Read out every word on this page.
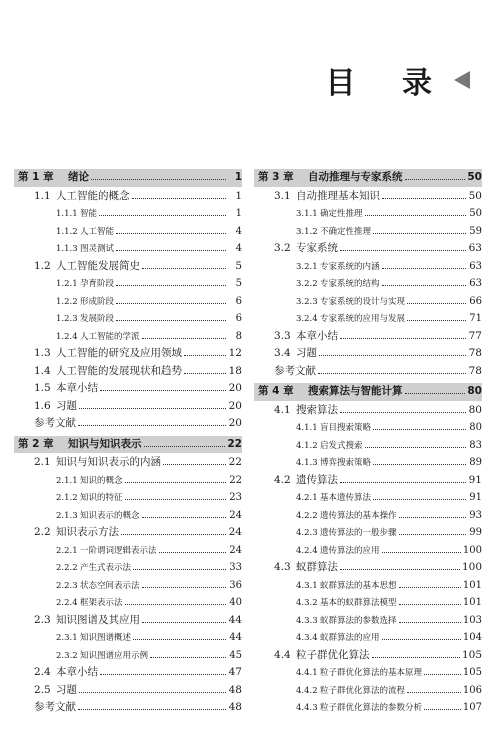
目 录
第 1 章	绪论	1
1.1 人工智能的概念	1
1.1.1 智能	1
1.1.2 人工智能	4
1.1.3 图灵测试	4
1.2 人工智能发展简史	5
1.2.1 孕育阶段	5
1.2.2 形成阶段	6
1.2.3 发展阶段	6
1.2.4 人工智能的学派	8
1.3 人工智能的研究及应用领域	12
1.4 人工智能的发展现状和趋势	18
1.5 本章小结	20
1.6 习题	20
参考文献	20
第 2 章	知识与知识表示	22
2.1 知识与知识表示的内涵	22
2.1.1 知识的概念	22
2.1.2 知识的特征	23
2.1.3 知识表示的概念	24
2.2 知识表示方法	24
2.2.1 一阶谓词逻辑表示法	24
2.2.2 产生式表示法	33
2.2.3 状态空间表示法	36
2.2.4 框架表示法	40
2.3 知识图谱及其应用	44
2.3.1 知识图谱概述	44
2.3.2 知识图谱应用示例	45
2.4 本章小结	47
2.5 习题	48
参考文献	48
第 3 章	自动推理与专家系统	50
3.1 自动推理基本知识	50
3.1.1 确定性推理	50
3.1.2 不确定性推理	59
3.2 专家系统	63
3.2.1 专家系统的内涵	63
3.2.2 专家系统的结构	63
3.2.3 专家系统的设计与实现	66
3.2.4 专家系统的应用与发展	71
3.3 本章小结	77
3.4 习题	78
参考文献	78
第 4 章	搜索算法与智能计算	80
4.1 搜索算法	80
4.1.1 盲目搜索策略	80
4.1.2 启发式搜索	83
4.1.3 博弈搜索策略	89
4.2 遗传算法	91
4.2.1 基本遗传算法	91
4.2.2 遗传算法的基本操作	93
4.2.3 遗传算法的一般步骤	99
4.2.4 遗传算法的应用	100
4.3 蚁群算法	100
4.3.1 蚁群算法的基本思想	101
4.3.2 基本的蚁群算法模型	101
4.3.3 蚁群算法的参数选择	103
4.3.4 蚁群算法的应用	104
4.4 粒子群优化算法	105
4.4.1 粒子群优化算法的基本原理	105
4.4.2 粒子群优化算法的流程	106
4.4.3 粒子群优化算法的参数分析	107
